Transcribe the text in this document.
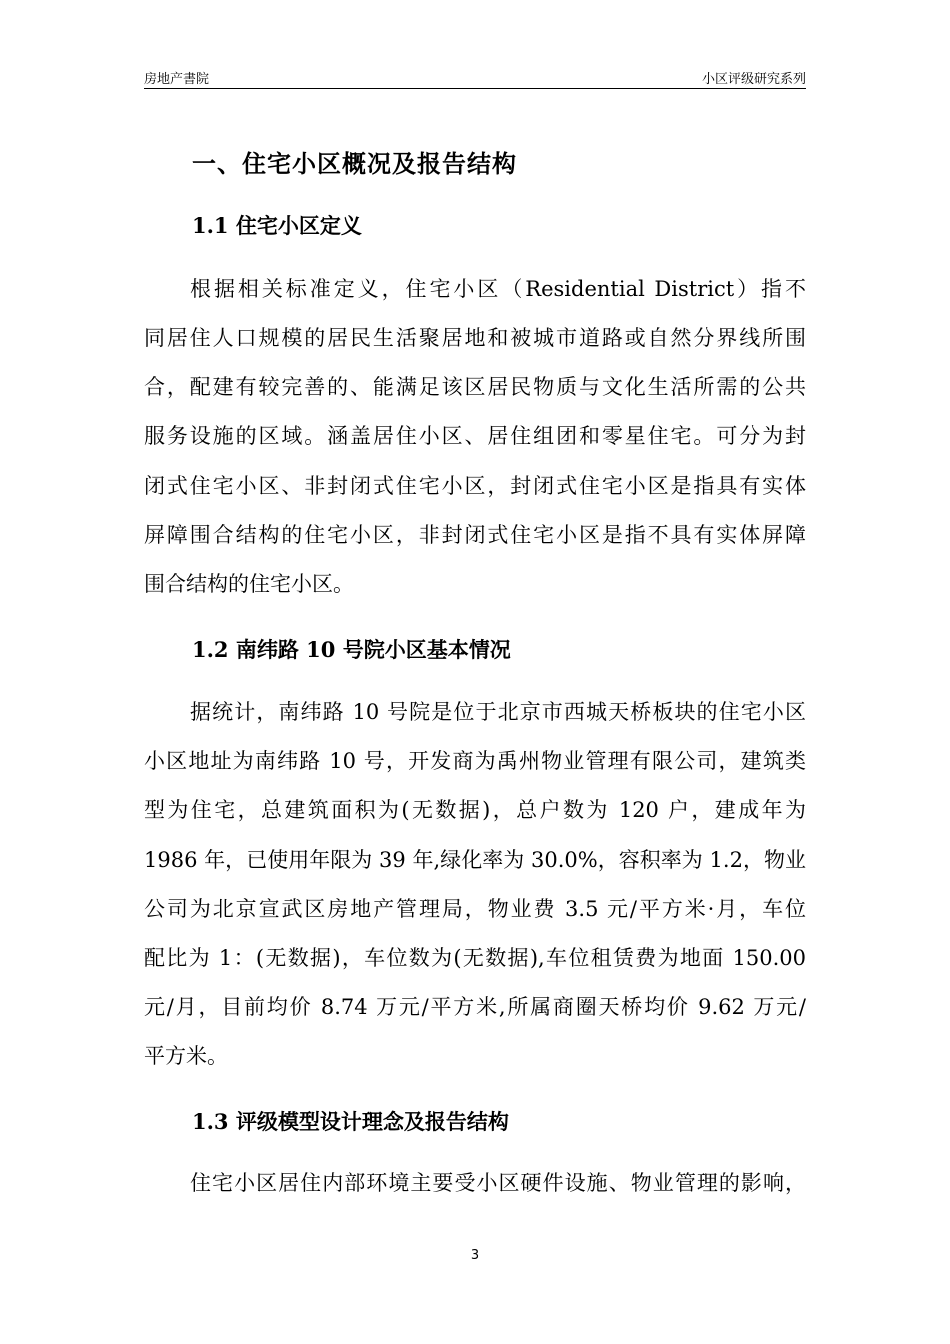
房地产書院	小区评级研究系列
一、住宅小区概况及报告结构
1.1 住宅小区定义
根据相关标准定义，住宅小区（Residential District）指不
同居住人口规模的居民生活聚居地和被城市道路或自然分界线所围
合，配建有较完善的、能满足该区居民物质与文化生活所需的公共
服务设施的区域。涵盖居住小区、居住组团和零星住宅。可分为封
闭式住宅小区、非封闭式住宅小区，封闭式住宅小区是指具有实体
屏障围合结构的住宅小区，非封闭式住宅小区是指不具有实体屏障
围合结构的住宅小区。
1.2 南纬路 10 号院小区基本情况
据统计，南纬路 10 号院是位于北京市西城天桥板块的住宅小区
小区地址为南纬路 10 号，开发商为禹州物业管理有限公司，建筑类
型为住宅，总建筑面积为(无数据)，总户数为 120 户，建成年为
1986 年，已使用年限为 39 年,绿化率为 30.0%，容积率为 1.2，物业
公司为北京宣武区房地产管理局，物业费 3.5 元/平方米·月，车位
配比为 1：(无数据)，车位数为(无数据),车位租赁费为地面 150.00
元/月，目前均价 8.74 万元/平方米,所属商圈天桥均价 9.62 万元/
平方米。
1.3 评级模型设计理念及报告结构
住宅小区居住内部环境主要受小区硬件设施、物业管理的影响，
3
